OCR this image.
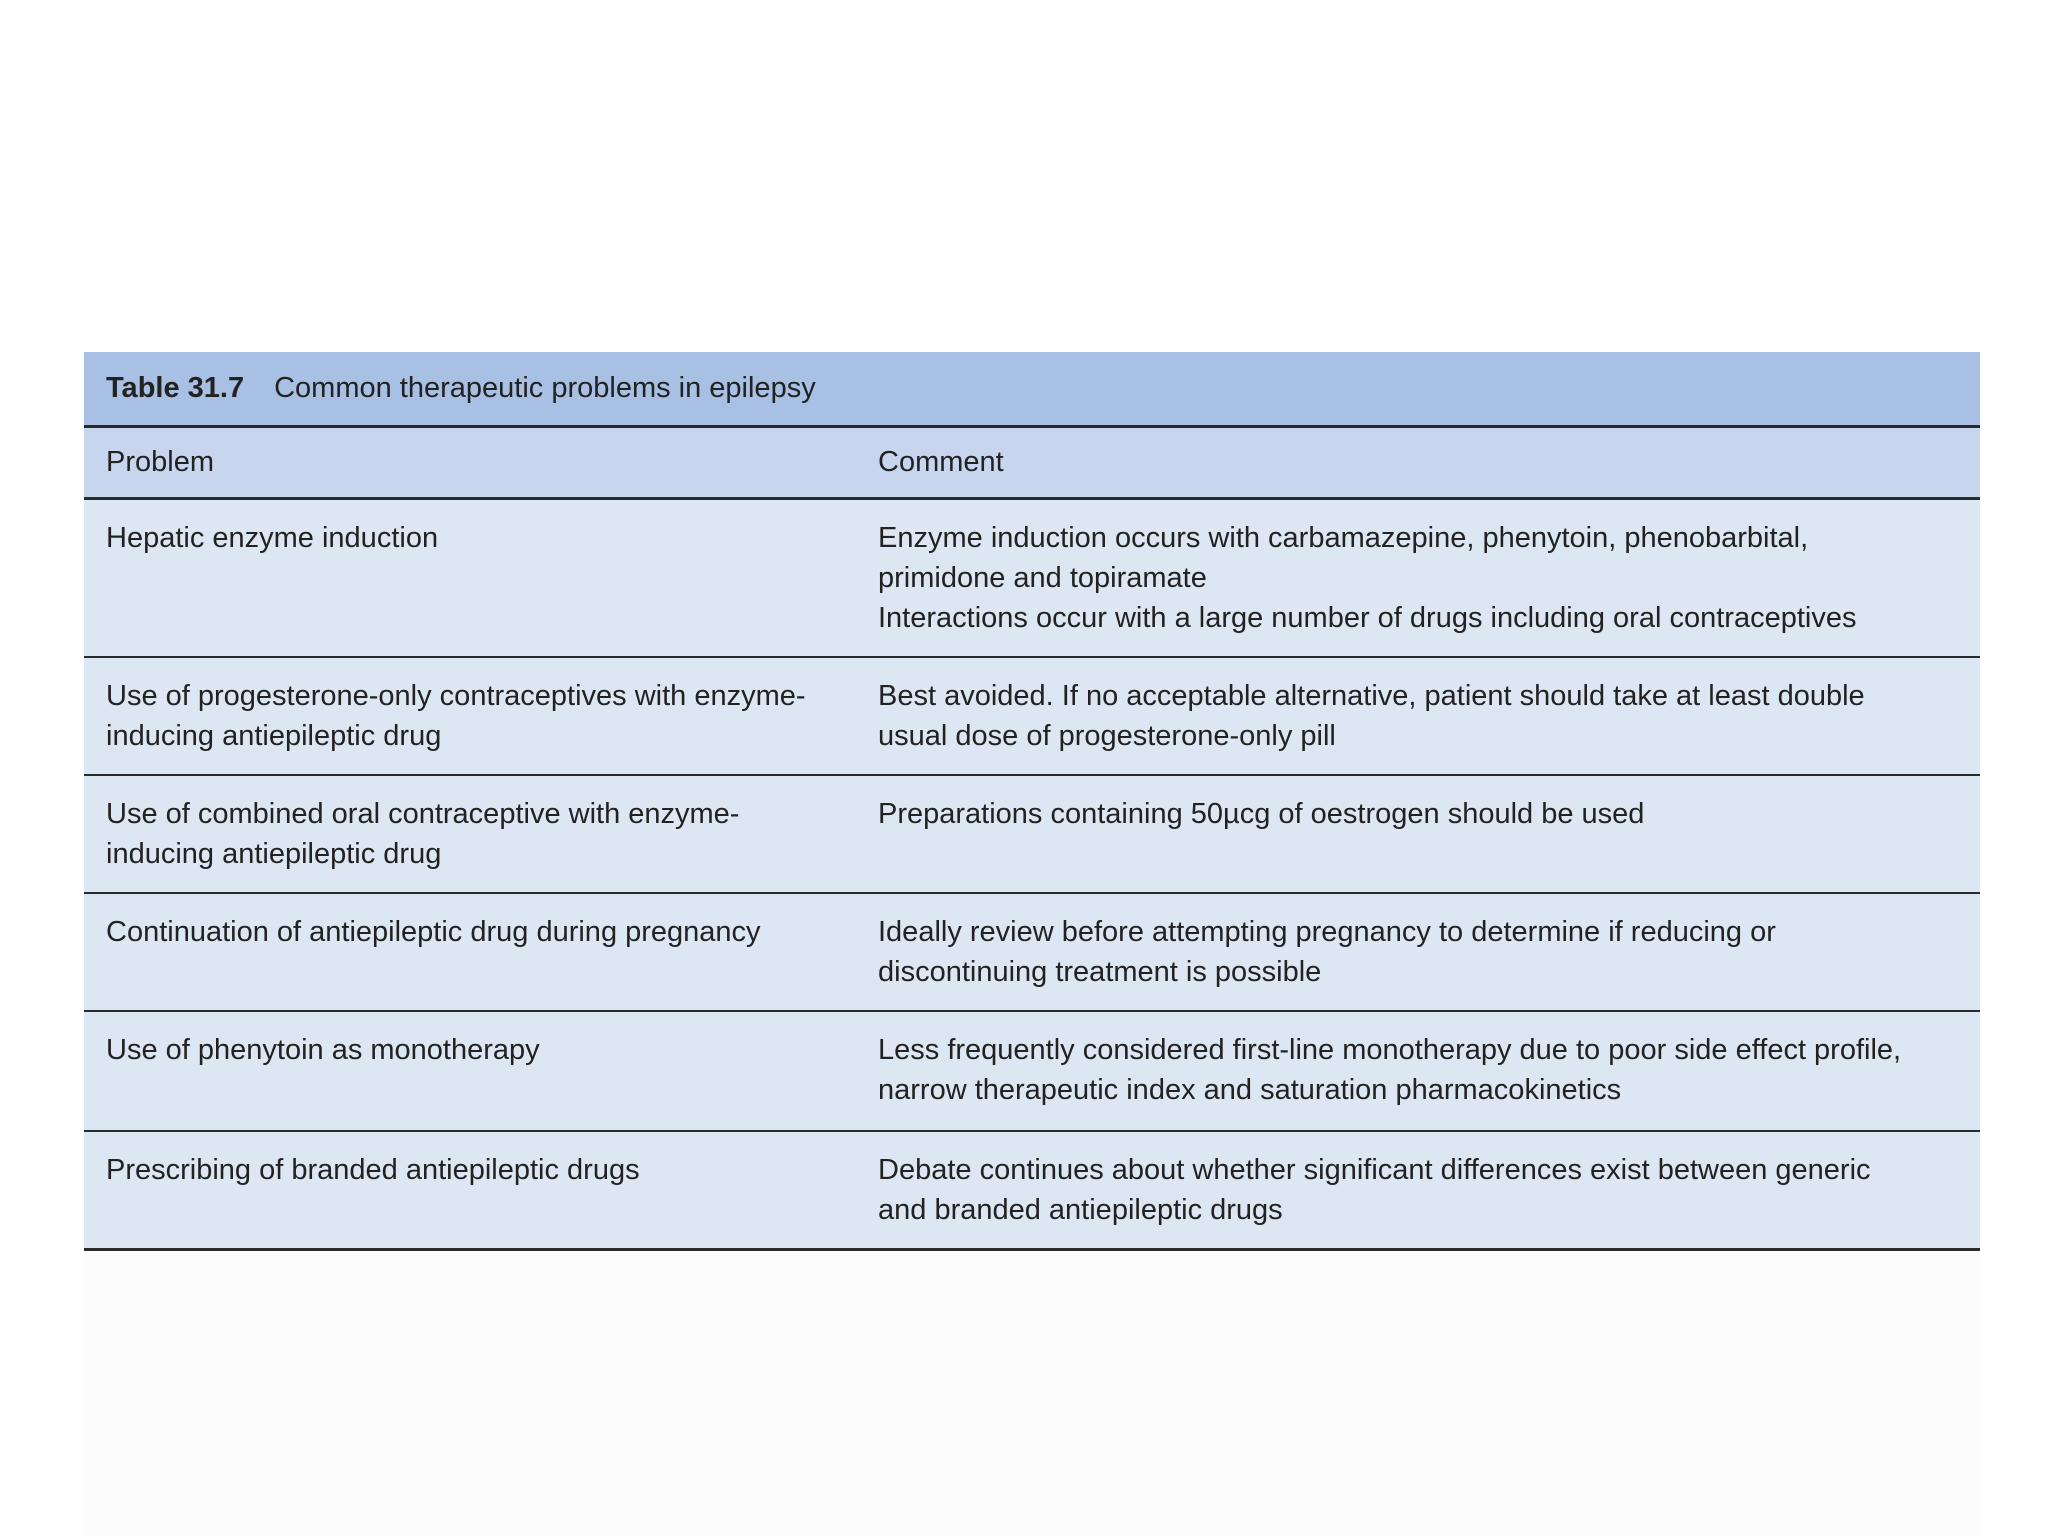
Table 31.7 Common therapeutic problems in epilepsy
Problem	Comment
Hepatic enzyme induction	Enzyme induction occurs with carbamazepine, phenytoin, phenobarbital,
primidone and topiramate
Interactions occur with a large number of drugs including oral contraceptives
Use of progesterone-only contraceptives with enzyme-
inducing antiepileptic drug	Best avoided. If no acceptable alternative, patient should take at least double
usual dose of progesterone-only pill
Use of combined oral contraceptive with enzyme-
inducing antiepileptic drug	Preparations containing 50µcg of oestrogen should be used
Continuation of antiepileptic drug during pregnancy	Ideally review before attempting pregnancy to determine if reducing or
discontinuing treatment is possible
Use of phenytoin as monotherapy	Less frequently considered first-line monotherapy due to poor side effect profile,
narrow therapeutic index and saturation pharmacokinetics
Prescribing of branded antiepileptic drugs	Debate continues about whether significant differences exist between generic
and branded antiepileptic drugs
